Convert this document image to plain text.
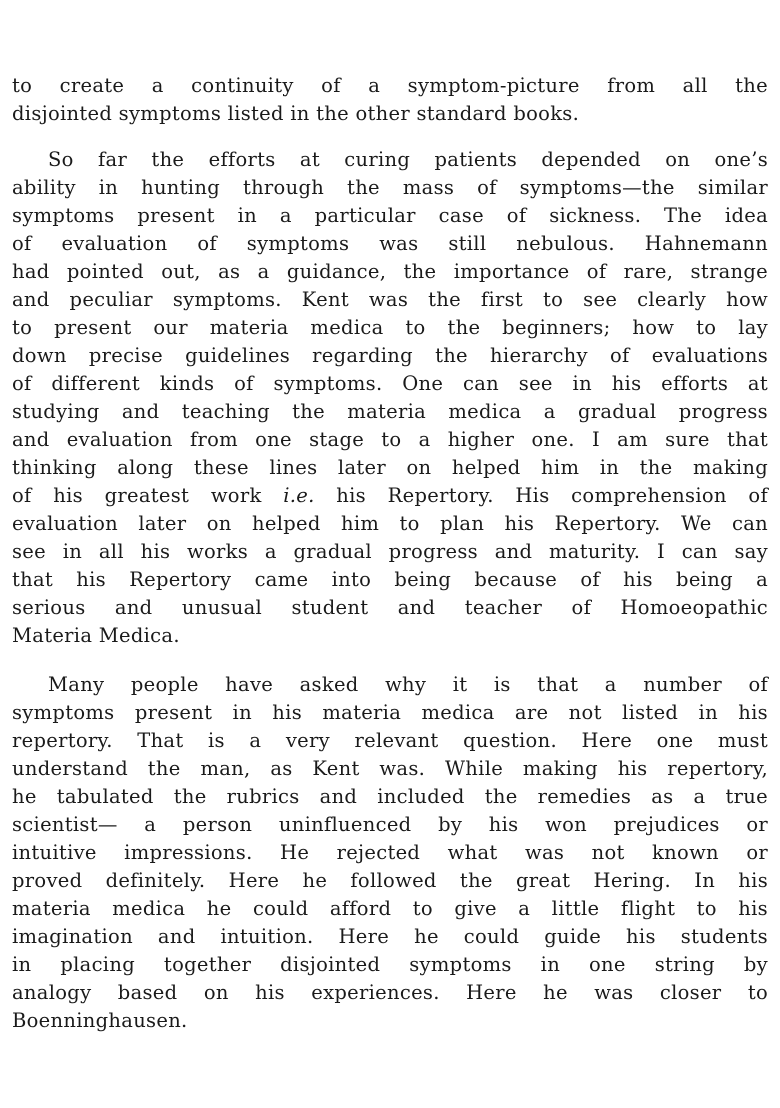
to create a continuity of a symptom-picture from all the
disjointed symptoms listed in the other standard books.
So far the efforts at curing patients depended on one’s
ability in hunting through the mass of symptoms—the similar
symptoms present in a particular case of sickness. The idea
of evaluation of symptoms was still nebulous. Hahnemann
had pointed out, as a guidance, the importance of rare, strange
and peculiar symptoms. Kent was the first to see clearly how
to present our materia medica to the beginners; how to lay
down precise guidelines regarding the hierarchy of evaluations
of different kinds of symptoms. One can see in his efforts at
studying and teaching the materia medica a gradual progress
and evaluation from one stage to a higher one. I am sure that
thinking along these lines later on helped him in the making
of his greatest work i.e. his Repertory. His comprehension of
evaluation later on helped him to plan his Repertory. We can
see in all his works a gradual progress and maturity. I can say
that his Repertory came into being because of his being a
serious and unusual student and teacher of Homoeopathic
Materia Medica.
Many people have asked why it is that a number of
symptoms present in his materia medica are not listed in his
repertory. That is a very relevant question. Here one must
understand the man, as Kent was. While making his repertory,
he tabulated the rubrics and included the remedies as a true
scientist— a person uninfluenced by his won prejudices or
intuitive impressions. He rejected what was not known or
proved definitely. Here he followed the great Hering. In his
materia medica he could afford to give a little flight to his
imagination and intuition. Here he could guide his students
in placing together disjointed symptoms in one string by
analogy based on his experiences. Here he was closer to
Boenninghausen.
